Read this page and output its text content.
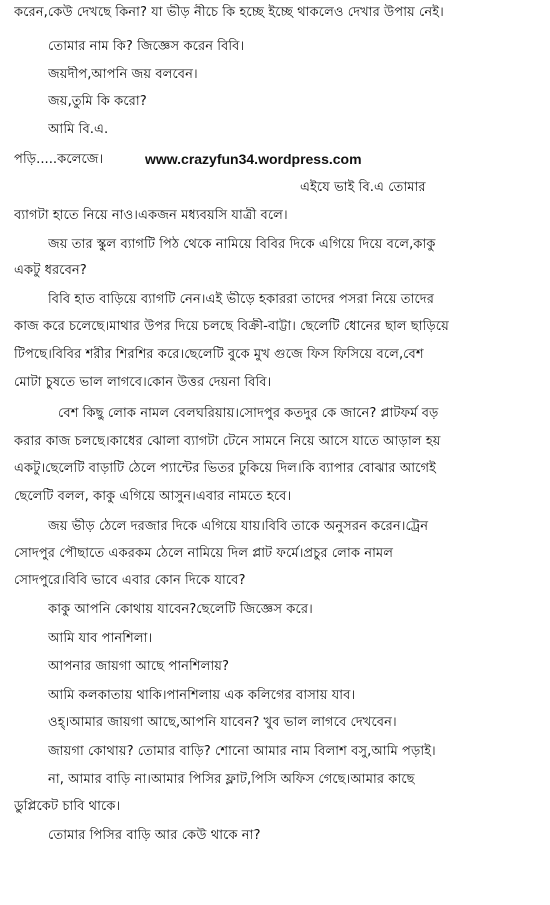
করেন,কেউ দেখছে কিনা? যা ভীড় নীচে কি হচ্ছে ইচ্ছে থাকলেও দেখার উপায় নেই।
তোমার নাম কি? জিজ্ঞেস করেন বিবি।
জয়দীপ,আপনি জয় বলবেন।
জয়,তুমি কি করো?
আমি বি.এ.
পড়ি.....কলেজে।	www.crazyfun34.wordpress.com
এইযে ভাই বি.এ তোমার
ব্যাগটা হাতে নিয়ে নাও।একজন মধ্যবয়সি যাত্রী বলে।
জয় তার স্কুল ব্যাগটি পিঠ থেকে নামিয়ে বিবির দিকে এগিয়ে দিয়ে বলে,কাকু
একটু ধরবেন?
বিবি হাত বাড়িয়ে ব্যাগটি নেন।এই ভীড়ে হকাররা তাদের পসরা নিয়ে তাদের
কাজ করে চলেছে।মাথার উপর দিয়ে চলছে বিক্রী-বাট্টা। ছেলেটি ধোনের ছাল ছাড়িয়ে
টিপছে।বিবির শরীর শিরশির করে।ছেলেটি বুকে মুখ গুজে ফিস ফিসিয়ে বলে,বেশ
মোটা চুষতে ভাল লাগবে।কোন উত্তর দেয়না বিবি।
বেশ কিছু লোক নামল বেলঘরিয়ায়।সোদপুর কতদুর কে জানে? প্লাটফর্ম বড়
করার কাজ চলছে।কাধের ঝোলা ব্যাগটা টেনে সামনে নিয়ে আসে যাতে আড়াল হয়
একটু।ছেলেটি বাড়াটি ঠেলে প্যান্টের ভিতর ঢুকিয়ে দিল।কি ব্যাপার বোঝার আগেই
ছেলেটি বলল, কাকু এগিয়ে আসুন।এবার নামতে হবে।
জয় ভীড় ঠেলে দরজার দিকে এগিয়ে যায়।বিবি তাকে অনুসরন করেন।ট্রেন
সোদপুর পৌছাতে একরকম ঠেলে নামিয়ে দিল প্লাট ফর্মে।প্রচুর লোক নামল
সোদপুরে।বিবি ভাবে এবার কোন দিকে যাবে?
কাকু আপনি কোথায় যাবেন?ছেলেটি জিজ্ঞেস করে।
আমি যাব পানশিলা।
আপনার জায়গা আছে পানশিলায়?
আমি কলকাতায় থাকি।পানশিলায় এক কলিগের বাসায় যাব।
ওহ্।আমার জায়গা আছে,আপনি যাবেন? খুব ভাল লাগবে দেখবেন।
জায়গা কোথায়? তোমার বাড়ি? শোনো আমার নাম বিলাশ বসু,আমি পড়াই।
না, আমার বাড়ি না।আমার পিসির ফ্লাট,পিসি অফিস গেছে।আমার কাছে
ডুপ্লিকেট চাবি থাকে।
তোমার পিসির বাড়ি আর কেউ থাকে না?
